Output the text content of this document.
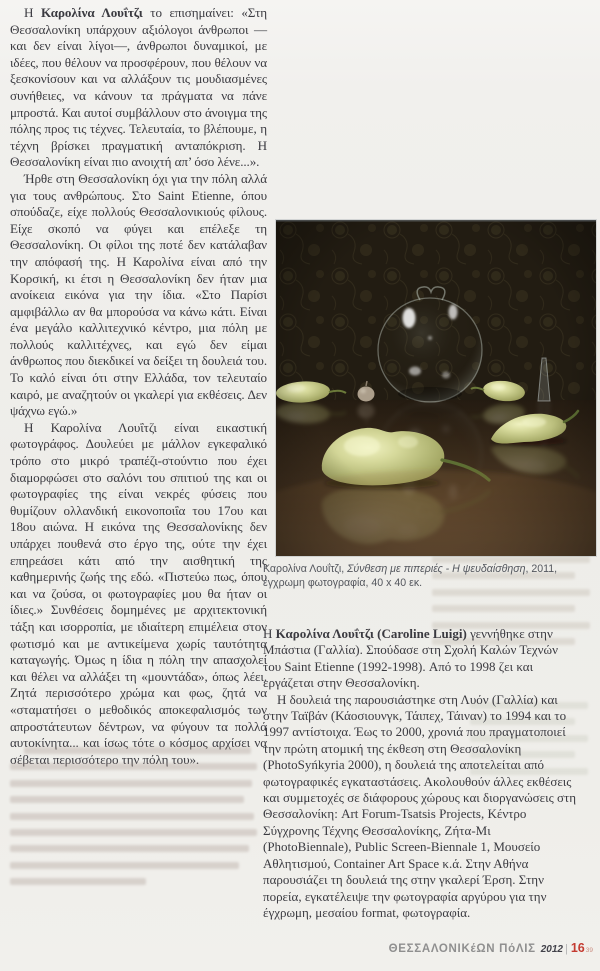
Η Καρολίνα Λουΐτζι το επισημαίνει: «Στη Θεσσαλονίκη υπάρχουν αξιόλογοι άνθρωποι —και δεν είναι λίγοι—, άνθρωποι δυναμικοί, με ιδέες, που θέλουν να προσφέρουν, που θέλουν να ξεσκονίσουν και να αλλάξουν τις μουδιασμένες συνήθειες, να κάνουν τα πράγματα να πάνε μπροστά. Και αυτοί συμβάλλουν στο άνοιγμα της πόλης προς τις τέχνες. Τελευταία, το βλέπουμε, η τέχνη βρίσκει πραγματική ανταπόκριση. Η Θεσσαλονίκη είναι πιο ανοιχτή απ’ όσο λένε...».

Ήρθε στη Θεσσαλονίκη όχι για την πόλη αλλά για τους ανθρώπους. Στο Saint Etienne, όπου σπούδαζε, είχε πολλούς Θεσσαλονικιούς φίλους. Είχε σκοπό να φύγει και επέλεξε τη Θεσσαλονίκη. Οι φίλοι της ποτέ δεν κατάλαβαν την απόφασή της. Η Καρολίνα είναι από την Κορσική, κι έτσι η Θεσσαλονίκη δεν ήταν μια ανοίκεια εικόνα για την ίδια. «Στο Παρίσι αμφιβάλλω αν θα μπορούσα να κάνω κάτι. Είναι ένα μεγάλο καλλιτεχνικό κέντρο, μια πόλη με πολλούς καλλιτέχνες, και εγώ δεν είμαι άνθρωπος που διεκδικεί να δείξει τη δουλειά του. Το καλό είναι ότι στην Ελλάδα, τον τελευταίο καιρό, με αναζητούν οι γκαλερί για εκθέσεις. Δεν ψάχνω εγώ.»

Η Καρολίνα Λουΐτζι είναι εικαστική φωτογράφος. Δουλεύει με μάλλον εγκεφαλικό τρόπο στο μικρό τραπέζι-στούντιο που έχει διαμορφώσει στο σαλόνι του σπιτιού της και οι φωτογραφίες της είναι νεκρές φύσεις που θυμίζουν ολλανδική εικονοποιΐα του 17ου και 18ου αιώνα. Η εικόνα της Θεσσαλονίκης δεν υπάρχει πουθενά στο έργο της, ούτε την έχει επηρεάσει κάτι από την αισθητική της καθημερινής ζωής της εδώ. «Πιστεύω πως, όπου και να ζούσα, οι φωτογραφίες μου θα ήταν οι ίδιες.» Συνθέσεις δομημένες με αρχιτεκτονική τάξη και ισορροπία, με ιδιαίτερη επιμέλεια στον φωτισμό και με αντικείμενα χωρίς ταυτότητα καταγωγής. Όμως η ίδια η πόλη την απασχολεί και θέλει να αλλάξει τη «μουντάδα», όπως λέει. Ζητά περισσότερο χρώμα και φως, ζητά να «σταματήσει ο μεθοδικός αποκεφαλισμός των απροστάτευτων δέντρων, να φύγουν τα πολλά αυτοκίνητα... και ίσως τότε ο κόσμος αρχίσει να σέβεται περισσότερο την πόλη του».

Καρολίνα Λουΐτζι, Σύνθεση με πιπεριές - Η ψευδαίσθηση, 2011,
έγχρωμη φωτογραφία, 40 x 40 εκ.

Η Καρολίνα Λουΐτζι (Caroline Luigi) γεννήθηκε στην Μπάστια (Γαλλία). Σπούδασε στη Σχολή Καλών Τεχνών του Saint Etienne (1992-1998). Από το 1998 ζει και εργάζεται στην Θεσσαλονίκη.

Η δουλειά της παρουσιάστηκε στη Λυόν (Γαλλία) και στην Ταϊβάν (Κάοσιουνγκ, Τάιπεχ, Τάιναν) το 1994 και το 1997 αντίστοιχα. Έως το 2000, χρονιά που πραγματοποιεί την πρώτη ατομική της έκθεση στη Θεσσαλονίκη (PhotoSyńkyria 2000), η δουλειά της αποτελείται από φωτογραφικές εγκαταστάσεις. Ακολουθούν άλλες εκθέσεις και συμμετοχές σε διάφορους χώρους και διοργανώσεις στη Θεσσαλονίκη: Art Forum-Tsatsis Projects, Κέντρο Σύγχρονης Τέχνης Θεσσαλονίκης, Ζήτα-Μι (PhotoBiennale), Public Screen-Biennale 1, Μουσείο Αθλητισμού, Container Art Space κ.ά. Στην Αθήνα παρουσιάζει τη δουλειά της στην γκαλερί Έρση. Στην πορεία, εγκατέλειψε την φωτογραφία αργύρου για την έγχρωμη, μεσαίου format, φωτογραφία.

ΘΕΣΣΑΛΟΝΙΚέΩΝ ΠόΛΙΣ 2012 | 16 39
